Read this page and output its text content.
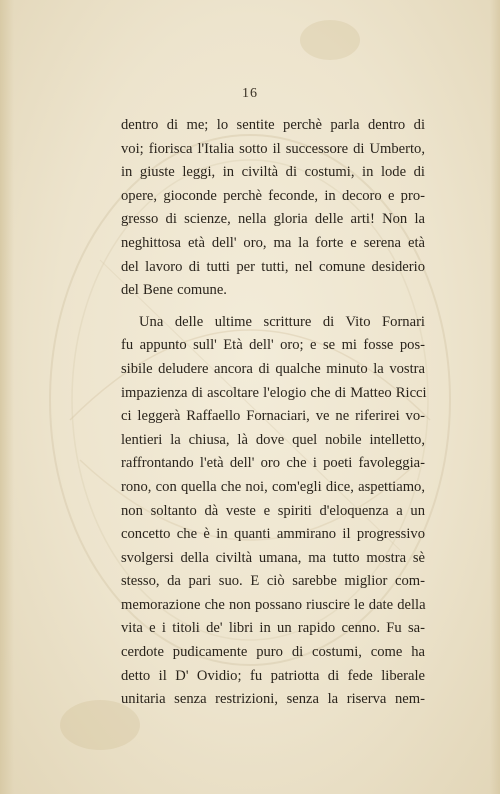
16
dentro di me; lo sentite perchè parla dentro di
voi; fiorisca l'Italia sotto il successore di Umberto,
in giuste leggi, in civiltà di costumi, in lode di
opere, gioconde perchè feconde, in decoro e pro-
gresso di scienze, nella gloria delle arti! Non la
neghittosa età dell' oro, ma la forte e serena età
del lavoro di tutti per tutti, nel comune desiderio
del Bene comune.
Una delle ultime scritture di Vito Fornari
fu appunto sull' Età dell' oro; e se mi fosse pos-
sibile deludere ancora di qualche minuto la vostra
impazienza di ascoltare l'elogio che di Matteo Ricci
ci leggerà Raffaello Fornaciari, ve ne riferirei vo-
lentieri la chiusa, là dove quel nobile intelletto,
raffrontando l'età dell' oro che i poeti favoleggia-
rono, con quella che noi, com'egli dice, aspettiamo,
non soltanto dà veste e spiriti d'eloquenza a un
concetto che è in quanti ammirano il progressivo
svolgersi della civiltà umana, ma tutto mostra sè
stesso, da pari suo. E ciò sarebbe miglior com-
memorazione che non possano riuscire le date della
vita e i titoli de' libri in un rapido cenno. Fu sa-
cerdote pudicamente puro di costumi, come ha
detto il D' Ovidio; fu patriotta di fede liberale
unitaria senza restrizioni, senza la riserva nem-
